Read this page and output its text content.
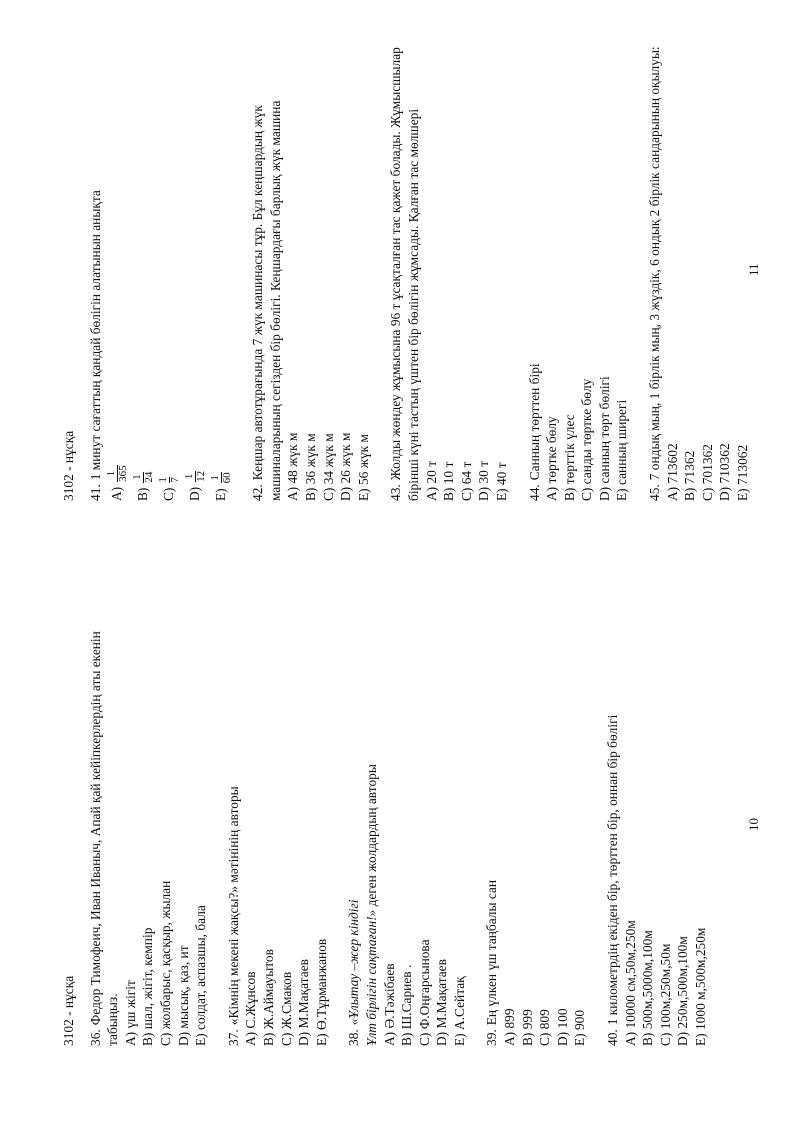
3102 - нұсқа 36.Федор Тимофеич, Иван Иваныч, Апай қай кейіпкерлердің аты екенін табыңыз. A) үш жігіт B) шал, жігіт, кемпір C) жолбарыс, қасқыр, жылан D) мысық, қаз, ит E) солдат, аспазшы, бала 37.«Кімнің мекені жақсы?» мәтінінің авторы A) С.Жұнсов B) Ж.Аймауытов C) Ж.Смаков D) М.Мақатаев E) Ө.Тұрманжанов 38.«Ұлытау –жер кіндігі Ұлт бірлігін сақтаған!» деген жолдардың авторы

A) Ә.Тәжібаев B) Ш.Сариев . C) Ф.Оңғарсынова D) М.Мақатаев E) А.Сейтақ 39.Ең үлкен үш таңбалы сан

A) 899 B) 999 C) 809 D) 100 E) 900 40.1 километрдің екіден бір, төрттен бір, оннан бір бөлігі A) 10000 см,50м,250м B) 500м,5000м,100м C) 100м,250м,50м D) 250м,500м,100м E) 1000 м,500м,250м

10
3102 - нұсқа 41.1 минут сағаттың қандай бөлігін алатынын анықта

A)
1 365
B)
1 24
C)
1 7
D)
1 12
E)
1 60

42.Кеңшар автотұрағында 7 жүк машинасы тұр. Бұл кеңшардың жүк машиналарының сегізден бір бөлігі. Кеңшардағы барлық жүк машина A) 48 жүк м B) 36 жүк м C) 34 жүк м D) 26 жүк м E) 56 жүк м 43.Жолды жөндеу жұмысына 96 т ұсақталған тас қажет болады. Жұмысшылар бірінші күні тастың үштен бір бөлігін жұмсады. Қалған тас мөлшері A) 20 т B) 10 т C) 64 т D) 30 т E) 40 т 44.Санның төрттен бірі A) төртке бөлу B) төрттік үлес C) санды төртке бөлу D) санның төрт бөлігі E) санның ширегі 45.7 ондық мың, 1 бірлік мың, 3 жүздік, 6 ондық 2 бірлік сандарының оқылуы: A) 713602 B) 71362 C) 701362 D) 710362 E) 713062

11
